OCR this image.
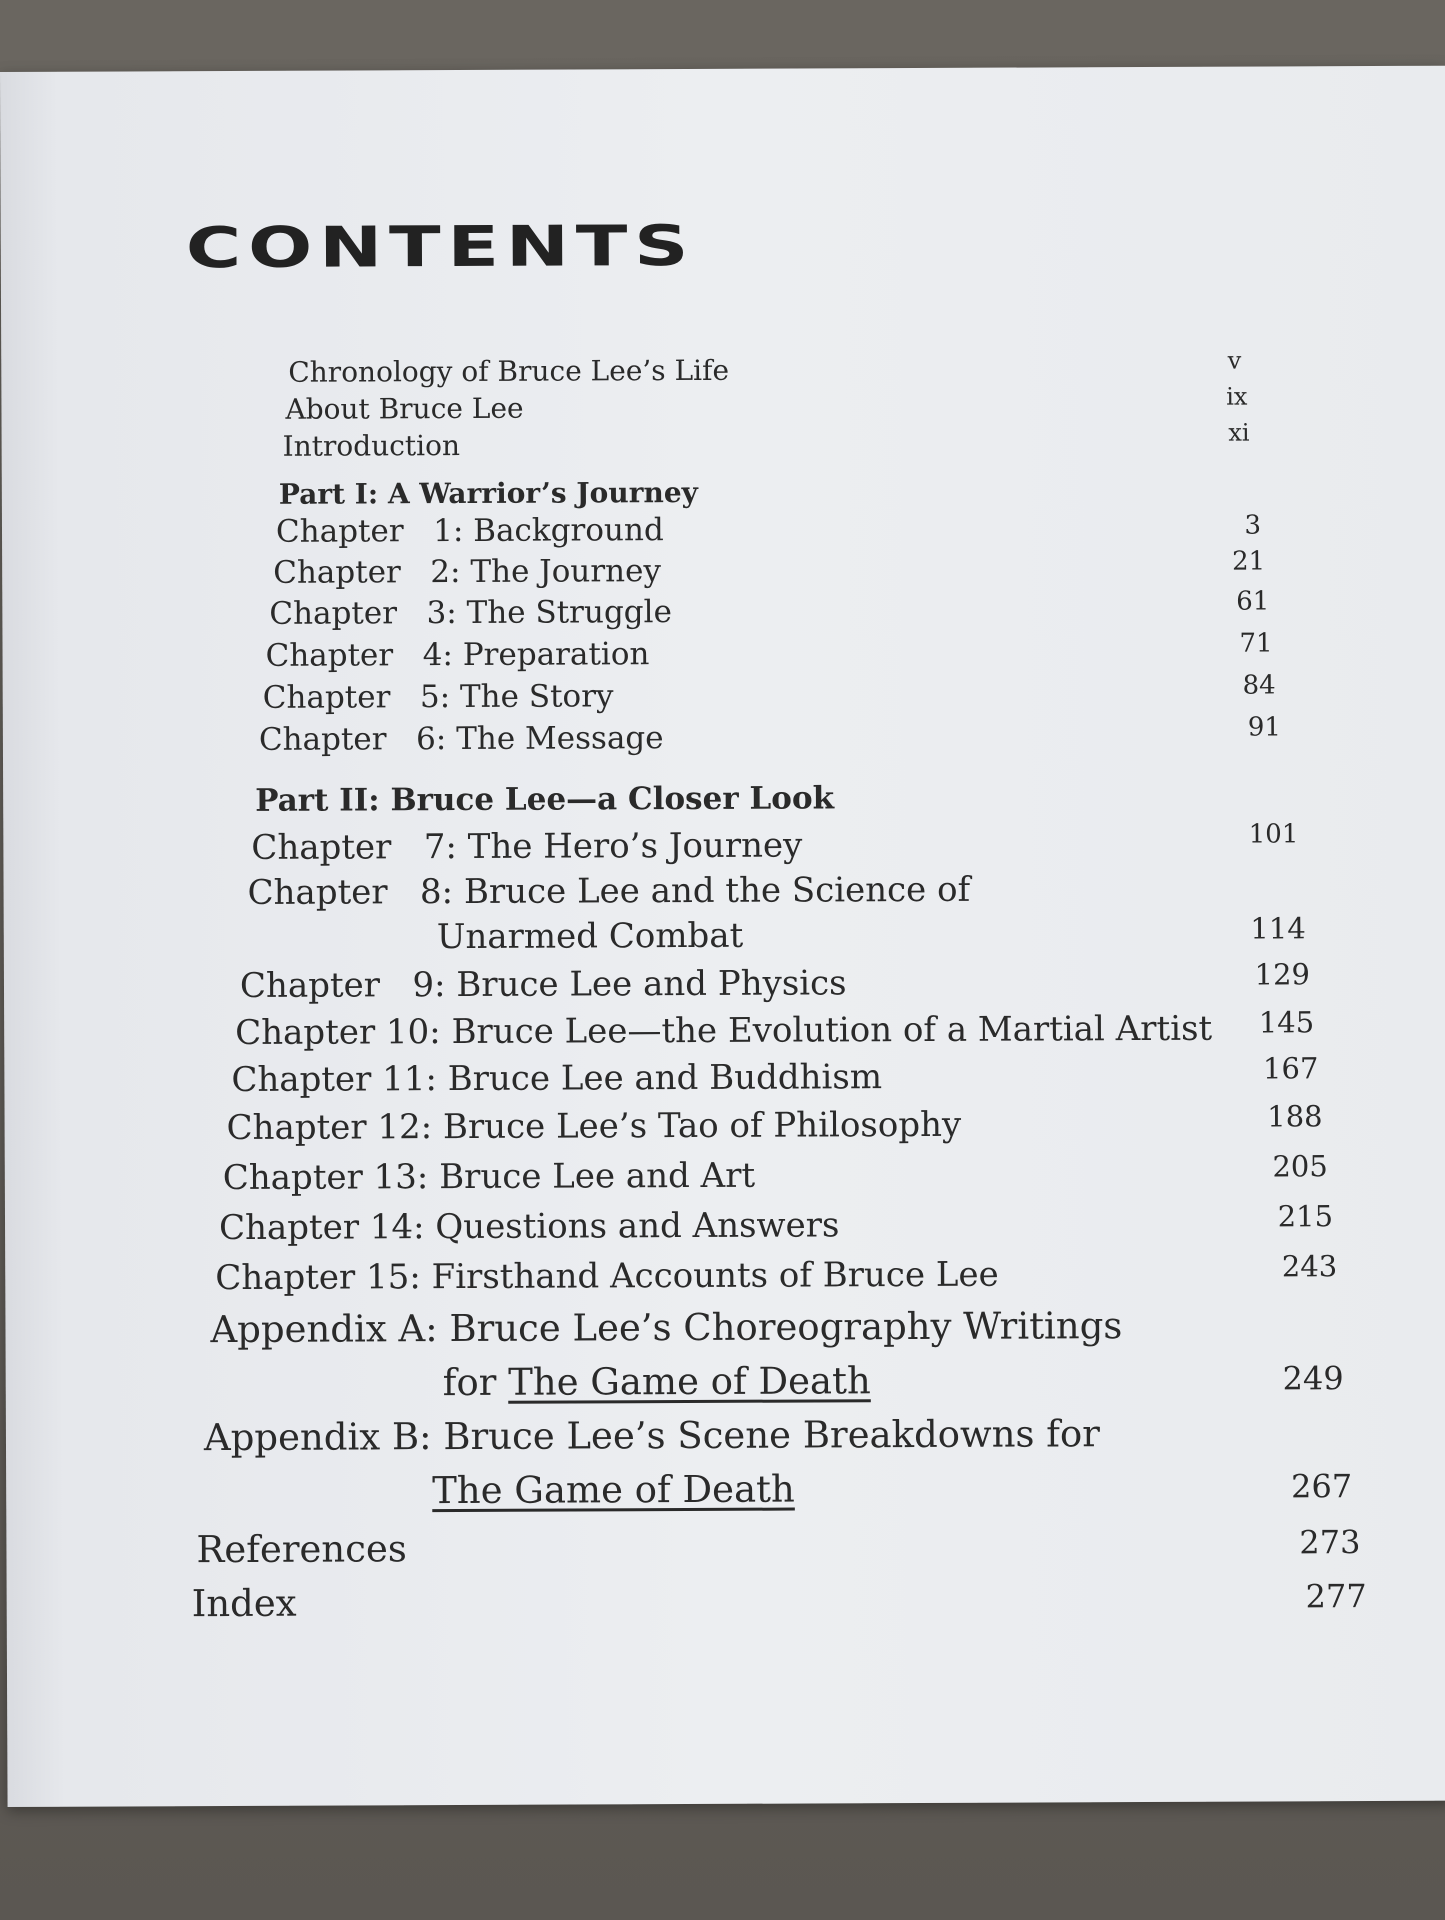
CONTENTS
Chronology of Bruce Lee’s Life	v
About Bruce Lee	ix
Introduction	xi
Part I: A Warrior’s Journey
Chapter 1: Background	3
Chapter 2: The Journey	21
Chapter 3: The Struggle	61
Chapter 4: Preparation	71
Chapter 5: The Story	84
Chapter 6: The Message	91
Part II: Bruce Lee—a Closer Look
Chapter 7: The Hero’s Journey	101
Chapter 8: Bruce Lee and the Science of
Unarmed Combat	114
Chapter 9: Bruce Lee and Physics	129
Chapter 10: Bruce Lee—the Evolution of a Martial Artist	145
Chapter 11: Bruce Lee and Buddhism	167
Chapter 12: Bruce Lee’s Tao of Philosophy	188
Chapter 13: Bruce Lee and Art	205
Chapter 14: Questions and Answers	215
Chapter 15: Firsthand Accounts of Bruce Lee	243
Appendix A: Bruce Lee’s Choreography Writings
for The Game of Death	249
Appendix B: Bruce Lee’s Scene Breakdowns for
The Game of Death	267
References	273
Index	277
